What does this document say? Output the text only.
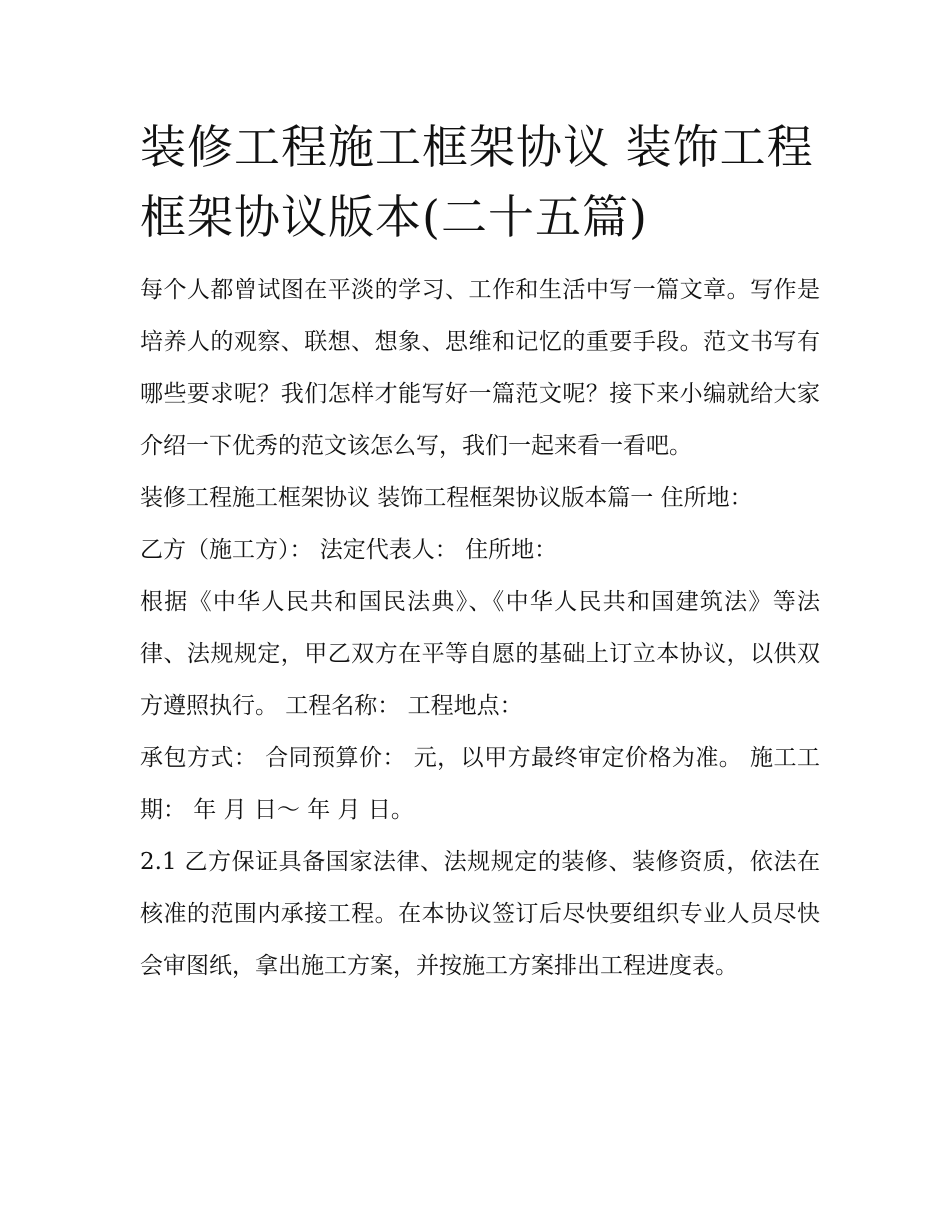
装修工程施工框架协议 装饰工程框架协议版本(二十五篇)

每个人都曾试图在平淡的学习、工作和生活中写一篇文章。写作是培养人的观察、联想、想象、思维和记忆的重要手段。范文书写有哪些要求呢？我们怎样才能写好一篇范文呢？接下来小编就给大家介绍一下优秀的范文该怎么写，我们一起来看一看吧。

装修工程施工框架协议 装饰工程框架协议版本篇一 住所地：

乙方（施工方）： 法定代表人： 住所地：

根据《中华人民共和国民法典》、《中华人民共和国建筑法》等法律、法规规定，甲乙双方在平等自愿的基础上订立本协议，以供双方遵照执行。 工程名称： 工程地点：

承包方式： 合同预算价： 元，以甲方最终审定价格为准。 施工工期： 年 月 日～ 年 月 日。

2.1 乙方保证具备国家法律、法规规定的装修、装修资质，依法在核准的范围内承接工程。在本协议签订后尽快要组织专业人员尽快会审图纸，拿出施工方案，并按施工方案排出工程进度表。
